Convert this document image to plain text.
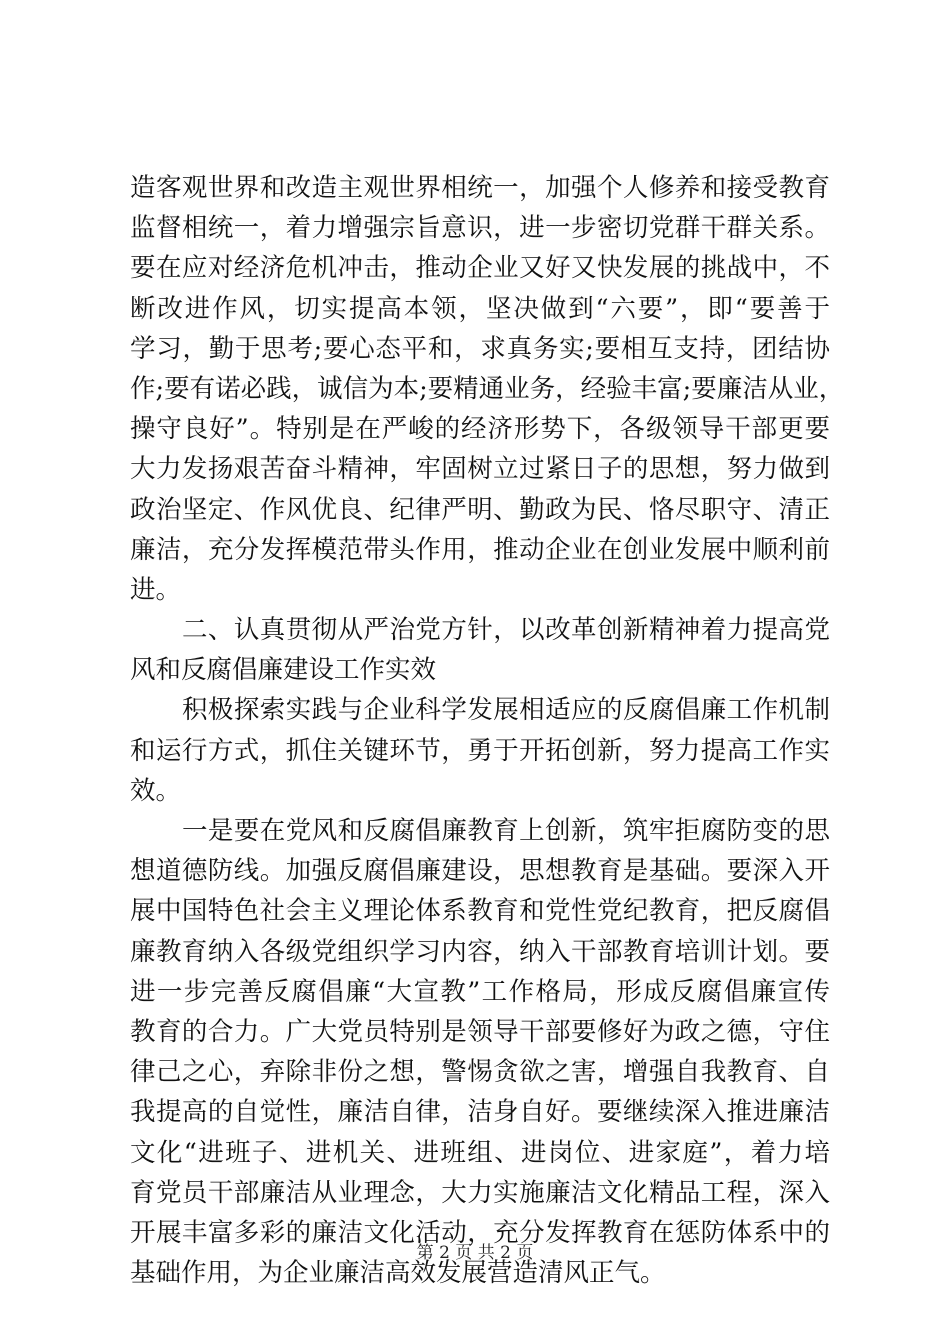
造客观世界和改造主观世界相统一，加强个人修养和接受教育
监督相统一，着力增强宗旨意识，进一步密切党群干群关系。
要在应对经济危机冲击，推动企业又好又快发展的挑战中，不
断改进作风，切实提高本领，坚决做到“六要”，即“要善于
学习，勤于思考;要心态平和，求真务实;要相互支持，团结协
作;要有诺必践，诚信为本;要精通业务，经验丰富;要廉洁从业，
操守良好”。特别是在严峻的经济形势下，各级领导干部更要
大力发扬艰苦奋斗精神，牢固树立过紧日子的思想，努力做到
政治坚定、作风优良、纪律严明、勤政为民、恪尽职守、清正
廉洁，充分发挥模范带头作用，推动企业在创业发展中顺利前
进。
二、认真贯彻从严治党方针，以改革创新精神着力提高党
风和反腐倡廉建设工作实效
积极探索实践与企业科学发展相适应的反腐倡廉工作机制
和运行方式，抓住关键环节，勇于开拓创新，努力提高工作实
效。
一是要在党风和反腐倡廉教育上创新，筑牢拒腐防变的思
想道德防线。加强反腐倡廉建设，思想教育是基础。要深入开
展中国特色社会主义理论体系教育和党性党纪教育，把反腐倡
廉教育纳入各级党组织学习内容，纳入干部教育培训计划。要
进一步完善反腐倡廉“大宣教”工作格局，形成反腐倡廉宣传
教育的合力。广大党员特别是领导干部要修好为政之德，守住
律己之心，弃除非份之想，警惕贪欲之害，增强自我教育、自
我提高的自觉性，廉洁自律，洁身自好。要继续深入推进廉洁
文化“进班子、进机关、进班组、进岗位、进家庭”，着力培
育党员干部廉洁从业理念，大力实施廉洁文化精品工程，深入
开展丰富多彩的廉洁文化活动，充分发挥教育在惩防体系中的
基础作用，为企业廉洁高效发展营造清风正气。
第 2 页 共 2 页
